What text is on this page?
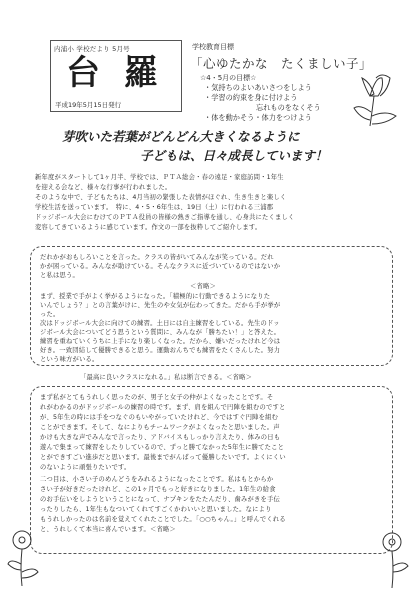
内浦小 学校だより 5月号
台 羅
平成19年5月15日発行
学校教育目標
「心ゆたかな　たくましい子」
☆4・5月の目標☆
・気持ちのよいあいさつをしよう
・学習の約束を身に付けよう
忘れものをなくそう
・体を動かそう・体力をつけよう
芽吹いた若葉がどんどん大きくなるように
子どもは、日々成長しています！
新年度がスタートして1ヶ月半、学校では、ＰＴＡ総会・春の遠足・家庭訪問・1年生
を迎える会など、様々な行事が行われました。
そのような中で、子どもたちは、4月当初の緊張した表情がほぐれ、生き生きと楽しく
学校生活を送っています。　特に、4・5・6年生は、19日（土）に行われる三浦郡
ドッジボール大会にむけてのＰＴＡ役員の皆様の熱きご指導を通し、心身共にたくましく
変容してきているように感じています。作文の一部を抜粋してご紹介します。
だれかがおもしろいことを言った。クラスの皆がいてみんなが笑っている。だれ
かが困っている。みんなが助けている。そんなクラスに近づいているのではないか
と私は思う。
＜省略＞
まず、授業で手がよく挙がるようになった。「積極的に行動できるようになりた
いんでしょう？」との言葉がけに、先生のや女気が伝わってきた。だから手が挙が
った。
次はドッジボール大会に向けての練習。土日には自主練習をしている。先生のドッ
ジボール大会についてどう思うという質問に、みんなが「勝ちたい！」と答えた。
練習を重ねていくうちに上手になり楽しくなった。だから、嫌いだったけれど今は
好き。一致団結して優勝できると思う。運動おんちでも練習をたくさんした。努力
という味方がいる。
「最高に良いクラスになれる。」私は断言できる。＜省略＞
まず私がとてもうれしく思ったのが、男子と女子の仲がよくなったことです。そ
れがわかるのがドッジボールの練習の時です。まず、肩を組んで円陣を組むのですと
が、5年生の時には手をつなぐのもいやがっていたけれど、今ではすぐ円陣を組む
ことができます。そして、なによりもチームワークがよくなったと思いました。声
かけも大きな声でみんなで言ったり、アドバイスもしっかり言えたり、体みの日も
遊んで集まって練習をしたりしているので、ずっと勝てなかった5年生に勝てたこと
とができすごい進歩だと思います。最後までがんばって優勝したいです。よくにくい
のないように頑張りたいです。
二つ目は、小さい子のめんどうをみれるようになったことです。私はもとからか
さい子が好きだったけれど、この1ヶ月でもっと好きになりました。1年生の給食
のお手伝いをしようということになって、ナプキンをたたんだり、歯みがきを手伝
ったりしたら、1年生もなついてくれてすごくかわいいと思いました。なにより
もうれしかったのは名前を覚えてくれたことでした。「○○ちゃん。」と呼んでくれる
と、うれしくて本当に喜んでいます。＜省略＞
